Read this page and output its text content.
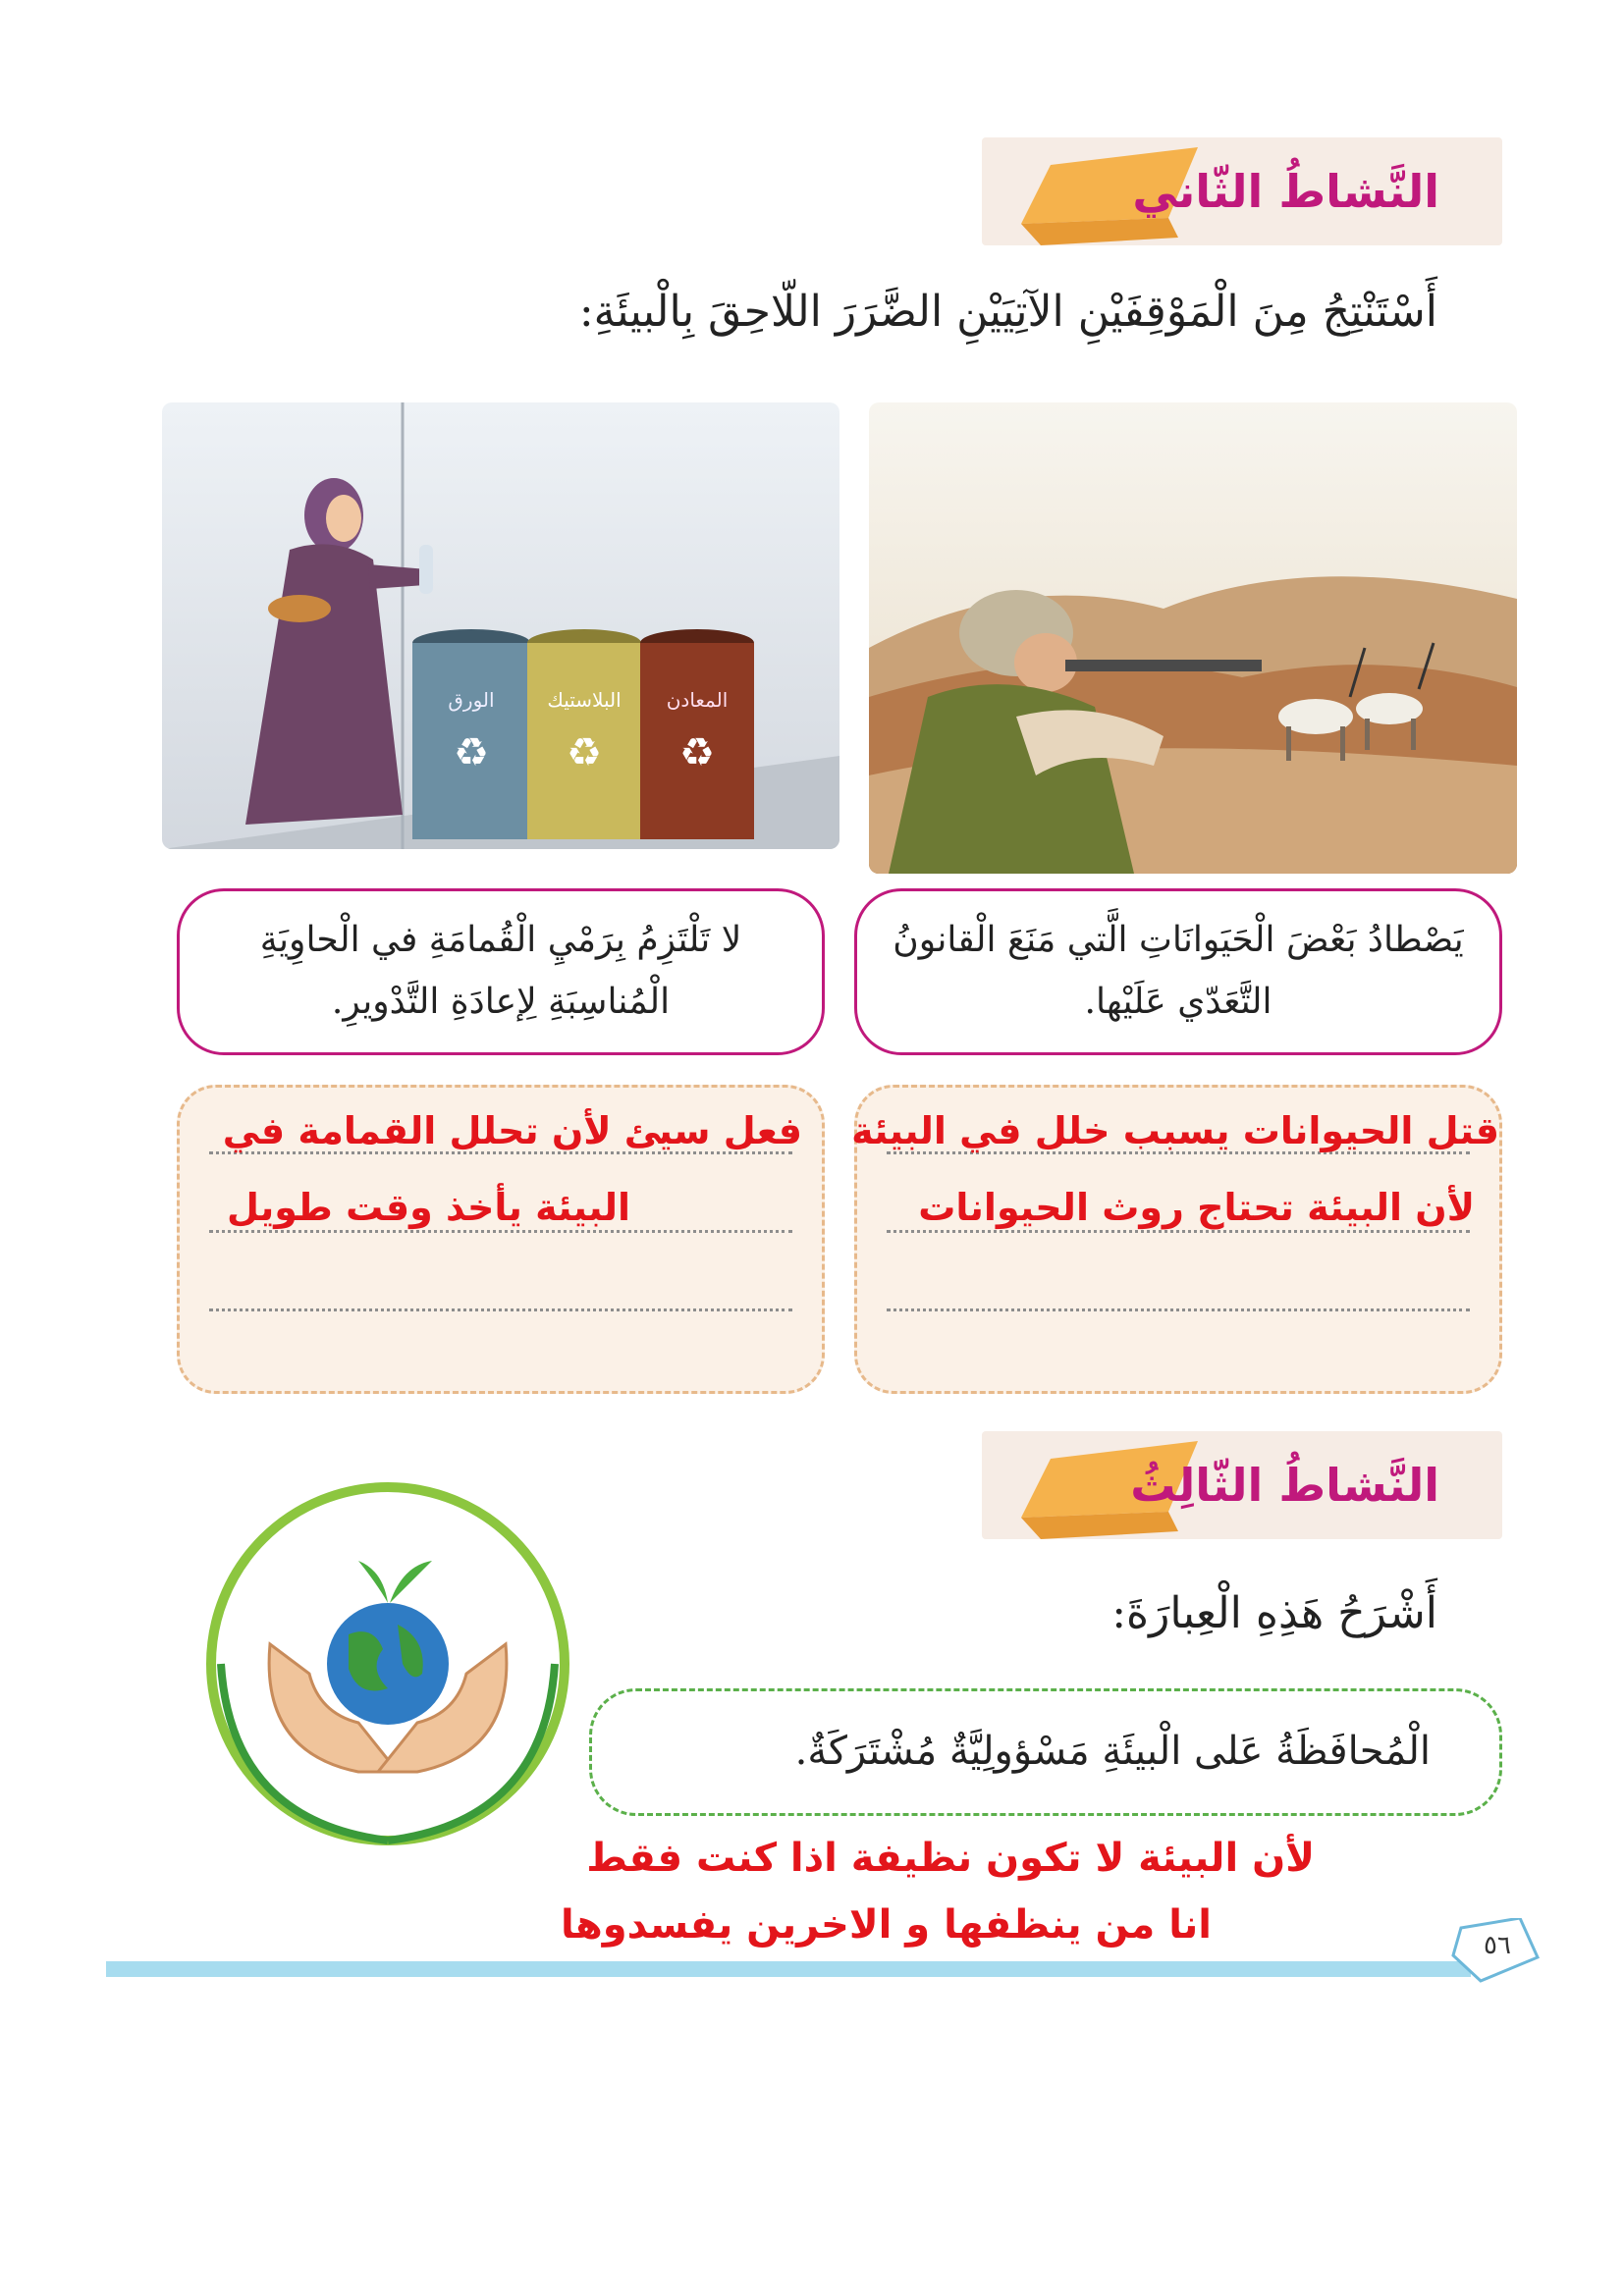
النَّشاطُ الثّاني
أَسْتَنْتِجُ مِنَ الْمَوْقِفَيْنِ الآتِيَيْنِ الضَّرَرَ اللّاحِقَ بِالْبيئَةِ:
الورق	البلاستيك المعادن
♻ ♻ ♻
لا تَلْتَزِمُ بِرَمْيِ الْقُمامَةِ في الْحاوِيَةِ الْمُناسِبَةِ لِإعادَةِ التَّدْويرِ.
يَصْطادُ بَعْضَ الْحَيَوانَاتِ الَّتي مَنَعَ الْقانونُ التَّعَدّي عَلَيْها.
فعل سيئ لأن تحلل القمامة في
البيئة يأخذ وقت طويل
قتل الحيوانات يسبب خلل في البيئة
لأن البيئة تحتاج روث الحيوانات
النَّشاطُ الثّالِثُ
أَشْرَحُ هَذِهِ الْعِبارَةَ:
الْمُحافَظَةُ عَلى الْبيئَةِ مَسْؤولِيَّةٌ مُشْتَرَكَةٌ.
لأن البيئة لا تكون نظيفة اذا كنت فقط
انا من ينظفها و الاخرين يفسدوها	٥٦
